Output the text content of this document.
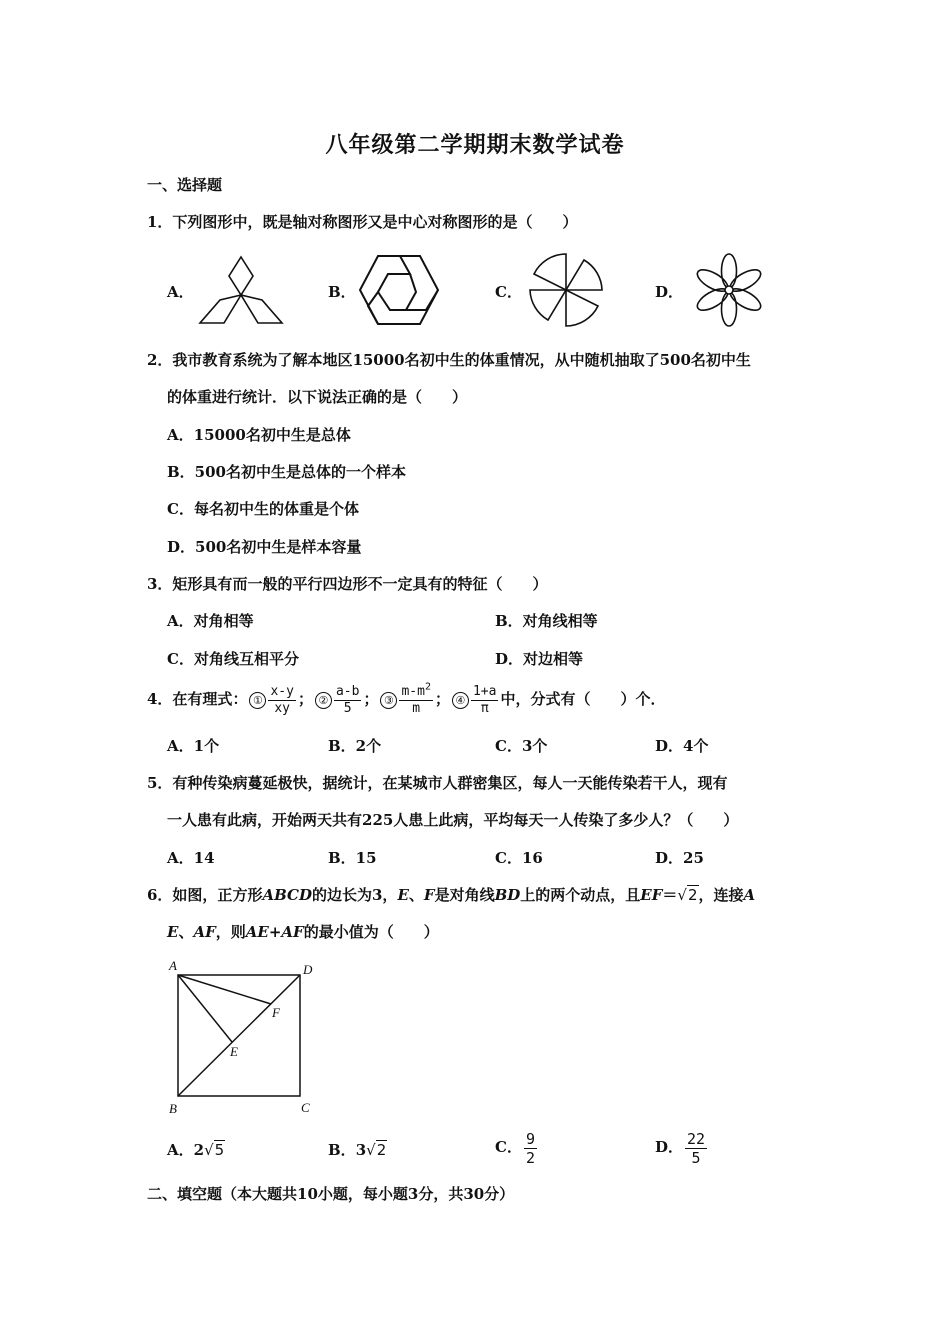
八年级第二学期期末数学试卷
一、选择题
1．下列图形中，既是轴对称图形又是中心对称图形的是（　　）
A．	B．	C．	D．
2．我市教育系统为了解本地区15000名初中生的体重情况，从中随机抽取了500名初中生
的体重进行统计．以下说法正确的是（　　）
A．15000名初中生是总体
B．500名初中生是总体的一个样本
C．每名初中生的体重是个体
D．500名初中生是样本容量
3．矩形具有而一般的平行四边形不一定具有的特征（　　）
A．对角相等	B．对角线相等
C．对角线互相平分	D．对边相等
4．在有理式： ① $\frac{x-y}{xy}$ ； ② $\frac{a-b}{5}$ ； ③ $\frac{m-m^2}{m}$ ； ④ $\frac{1+a}{\pi}$ 中，分式有（　　）个．
A．1个	B．2个	C．3个	D．4个
5．有种传染病蔓延极快，据统计，在某城市人群密集区，每人一天能传染若干人，现有
一人患有此病，开始两天共有225人患上此病，平均每天一人传染了多少人？（　　）
A．14	B．15	C．16	D．25
6．如图，正方形ABCD的边长为3，E、F是对角线BD上的两个动点，且EF＝√2，连接A
E、AF，则AE+AF的最小值为（　　）
A	D
B	C
E
F
A．2√5	B．3√2	C． $\frac{9}{2}$	D． $\frac{22}{5}$
二、填空题（本大题共10小题，每小题3分，共30分）
